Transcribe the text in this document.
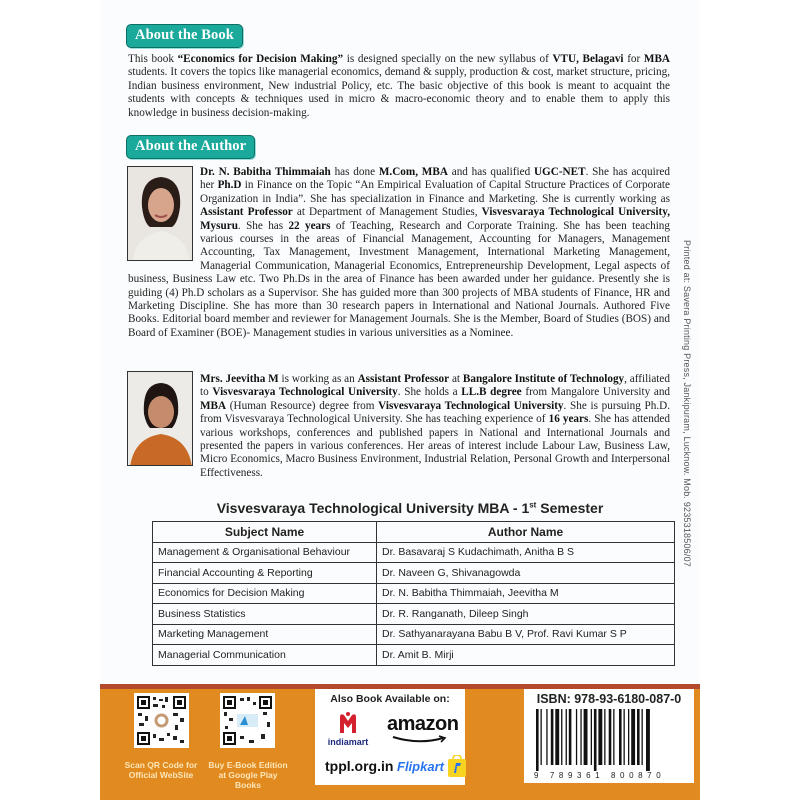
About the Book
This book “Economics for Decision Making” is designed specially on the new syllabus of VTU, Belagavi for MBA students. It covers the topics like managerial economics, demand & supply, production & cost, market structure, pricing, Indian business environment, New industrial Policy, etc. The basic objective of this book is meant to acquaint the students with concepts & techniques used in micro & macro-economic theory and to enable them to apply this knowledge in business decision-making.
About the Author
Dr. N. Babitha Thimmaiah has done M.Com, MBA and has qualified UGC-NET. She has acquired her Ph.D in Finance on the Topic “An Empirical Evaluation of Capital Structure Practices of Corporate Organization in India”. She has specialization in Finance and Marketing. She is currently working as Assistant Professor at Department of Management Studies, Visvesvaraya Technological University, Mysuru. She has 22 years of Teaching, Research and Corporate Training. She has been teaching various courses in the areas of Financial Management, Accounting for Managers, Management Accounting, Tax Management, Investment Management, International Marketing Management, Managerial Communication, Managerial Economics, Entrepreneurship Development, Legal aspects of business, Business Law etc. Two Ph.Ds in the area of Finance has been awarded under her guidance. Presently she is guiding (4) Ph.D scholars as a Supervisor. She has guided more than 300 projects of MBA students of Finance, HR and Marketing Discipline. She has more than 30 research papers in International and National Journals. Authored Five Books. Editorial board member and reviewer for Management Journals. She is the Member, Board of Studies (BOS) and Board of Examiner (BOE)- Management studies in various universities as a Nominee.
Mrs. Jeevitha M is working as an Assistant Professor at Bangalore Institute of Technology, affiliated to Visvesvaraya Technological University. She holds a LL.B degree from Mangalore University and MBA (Human Resource) degree from Visvesvaraya Technological University. She is pursuing Ph.D. from Visvesvaraya Technological University. She has teaching experience of 16 years. She has attended various workshops, conferences and published papers in National and International Journals and presented the papers in various conferences. Her areas of interest include Labour Law, Business Law, Micro Economics, Macro Business Environment, Industrial Relation, Personal Growth and Interpersonal Effectiveness.	Printed at: Savera Printing Press, Jankipuram, Lucknow. Mob. 9235318506/07
Visvesvaraya Technological University MBA - 1st Semester
Subject Name	Author Name
Management & Organisational Behaviour	Dr. Basavaraj S Kudachimath, Anitha B S
Financial Accounting & Reporting	Dr. Naveen G, Shivanagowda
Economics for Decision Making	Dr. N. Babitha Thimmaiah, Jeevitha M
Business Statistics	Dr. R. Ranganath, Dileep Singh
Marketing Management	Dr. Sathyanarayana Babu B V, Prof. Ravi Kumar S P
Managerial Communication	Dr. Amit B. Mirji
Scan QR Code for Official WebSite
Buy E-Book Edition at Google Play Books
Also Book Available on:
indiamart
amazon
tppl.org.in Flipkart
ISBN: 978-93-6180-087-0
9 789361 800870
